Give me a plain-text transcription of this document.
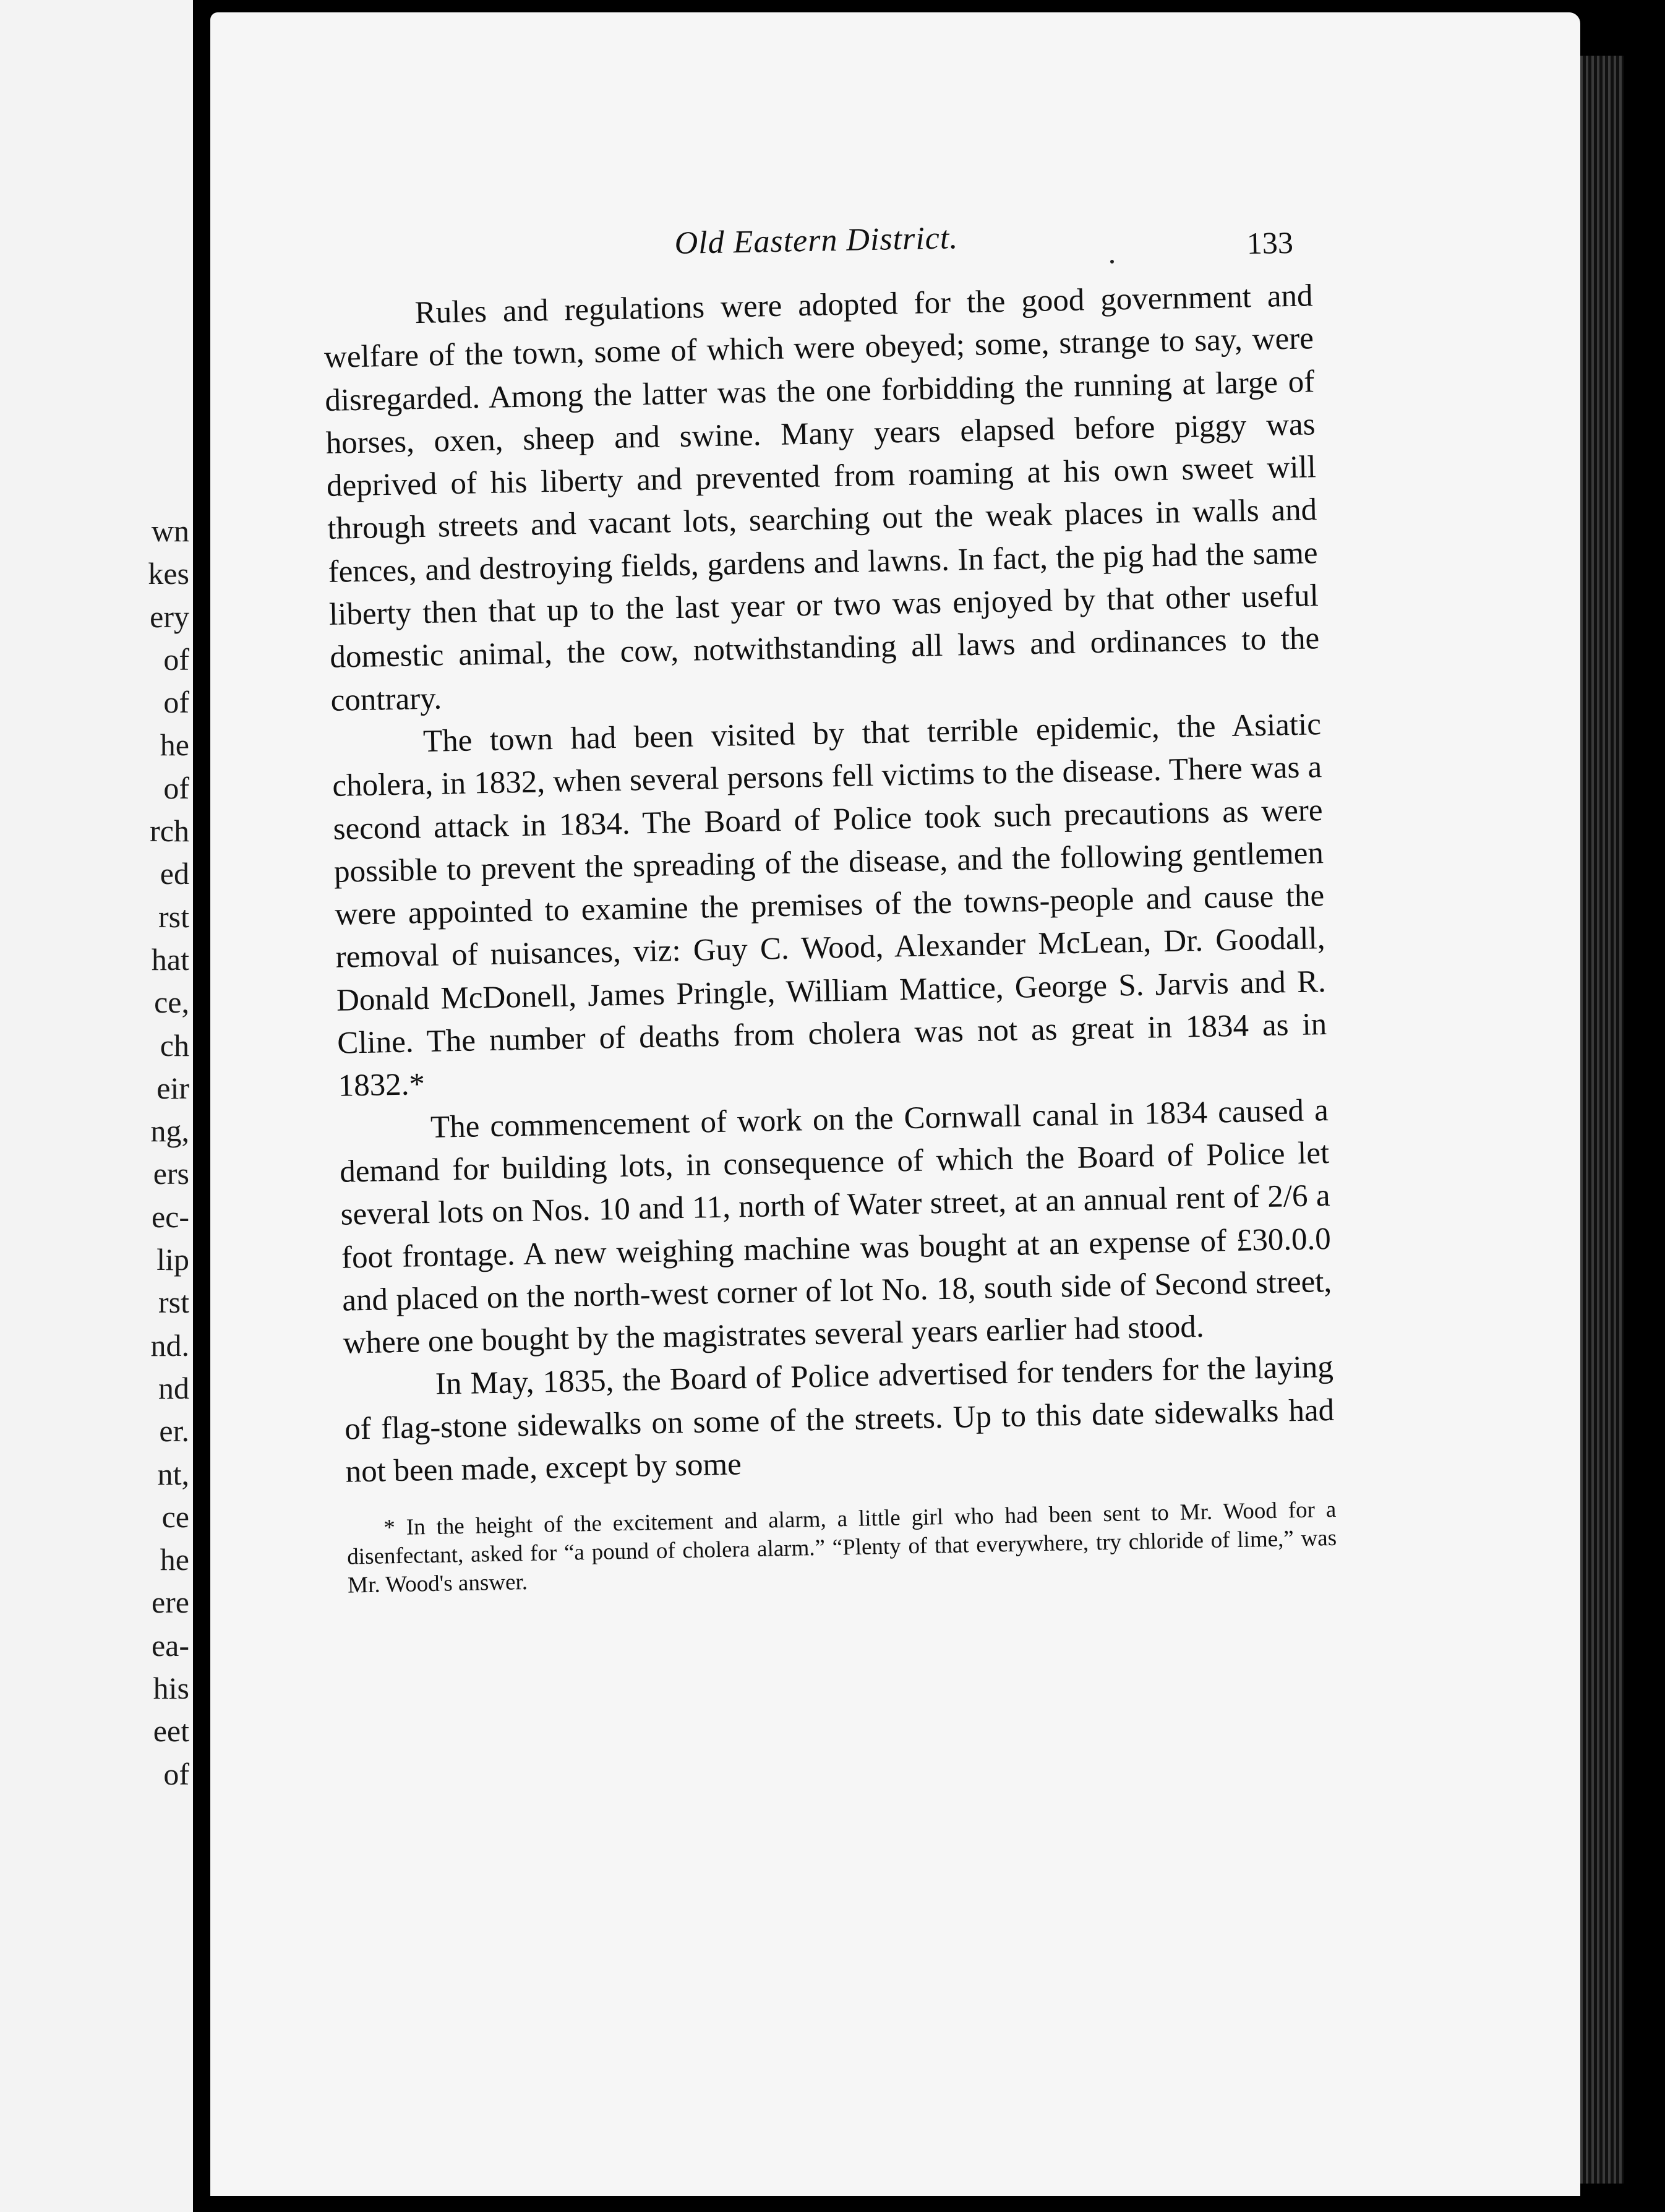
wn
kes
ery
of
of
he
of
rch
ed
rst
hat
ce,
ch
eir
ng,
ers
ec-
lip
rst
nd.
nd
er.
nt,
ce
he
ere
ea-
his
eet
of
Old Eastern District.	133

Rules and regulations were adopted for the good government and welfare of the town, some of which were obeyed; some, strange to say, were disregarded. Among the latter was the one forbidding the running at large of horses, oxen, sheep and swine. Many years elapsed before piggy was deprived of his liberty and prevented from roaming at his own sweet will through streets and vacant lots, searching out the weak places in walls and fences, and destroying fields, gardens and lawns. In fact, the pig had the same liberty then that up to the last year or two was enjoyed by that other useful domestic animal, the cow, notwithstanding all laws and ordinances to the contrary.

The town had been visited by that terrible epidemic, the Asiatic cholera, in 1832, when several persons fell victims to the disease. There was a second attack in 1834. The Board of Police took such precautions as were possible to prevent the spreading of the disease, and the following gentlemen were appointed to examine the premises of the towns-people and cause the removal of nuisances, viz: Guy C. Wood, Alexander McLean, Dr. Goodall, Donald McDonell, James Pringle, William Mattice, George S. Jarvis and R. Cline. The number of deaths from cholera was not as great in 1834 as in 1832.*

The commencement of work on the Cornwall canal in 1834 caused a demand for building lots, in consequence of which the Board of Police let several lots on Nos. 10 and 11, north of Water street, at an annual rent of 2/6 a foot frontage. A new weighing machine was bought at an expense of £30.0.0 and placed on the north-west corner of lot No. 18, south side of Second street, where one bought by the magistrates several years earlier had stood.

In May, 1835, the Board of Police advertised for tenders for the laying of flag-stone sidewalks on some of the streets. Up to this date sidewalks had not been made, except by some

* In the height of the excitement and alarm, a little girl who had been sent to Mr. Wood for a disenfectant, asked for “a pound of cholera alarm.” “Plenty of that everywhere, try chloride of lime,” was Mr. Wood's answer.
